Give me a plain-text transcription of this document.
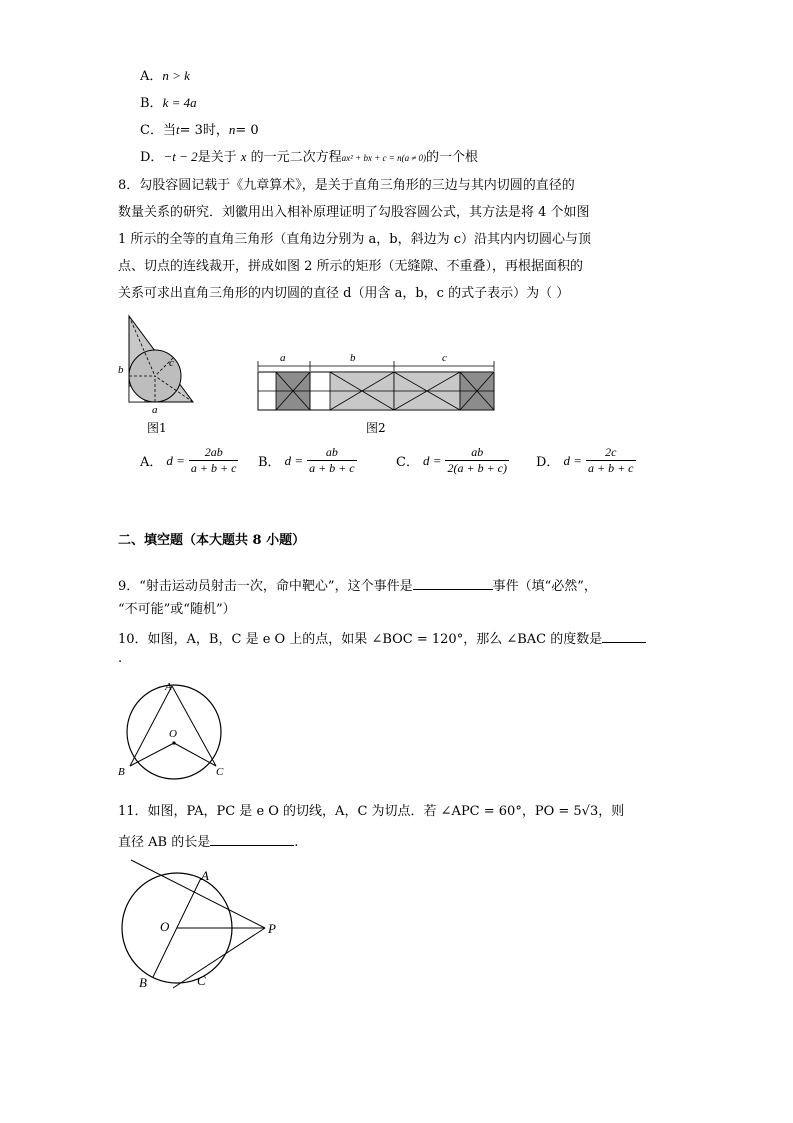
A．n > k
B．k = 4a
C．当t= 3时，n= 0
D．−t − 2是关于 x 的一元二次方程ax² + bx + c = n(a ≠ 0)的一个根
8．勾股容圆记载于《九章算术》，是关于直角三角形的三边与其内切圆的直径的
数量关系的研究．刘徽用出入相补原理证明了勾股容圆公式，其方法是将 4 个如图
1 所示的全等的直角三角形（直角边分别为 a，b，斜边为 c）沿其内内切圆心与顶
点、切点的连线裁开，拼成如图 2 所示的矩形（无缝隙、不重叠），再根据面积的
关系可求出直角三角形的内切圆的直径 d（用含 a，b，c 的式子表示）为（ ）
b
c
a
图1
a	b	c
图2
A． $d = \frac{2ab}{a + b + c}$ B． $d = \frac{ab}{a + b + c}$	C． $d = \frac{ab}{2(a + b + c)}$ D． $d = \frac{2c}{a + b + c}$
二、填空题（本大题共 8 小题）
9．“射击运动员射击一次，命中靶心”，这个事件是	事件（填“必然”，
“不可能”或“随机”）
10．如图，A，B，C 是 e O 上的点，如果 ∠BOC = 120°，那么 ∠BAC 的度数是
.
A
O
B	C
11．如图，PA，PC 是 e O 的切线，A，C 为切点．若 ∠APC = 60°，PO = 5√3，则
直径 AB 的长是	.
A
O	P
B	C
